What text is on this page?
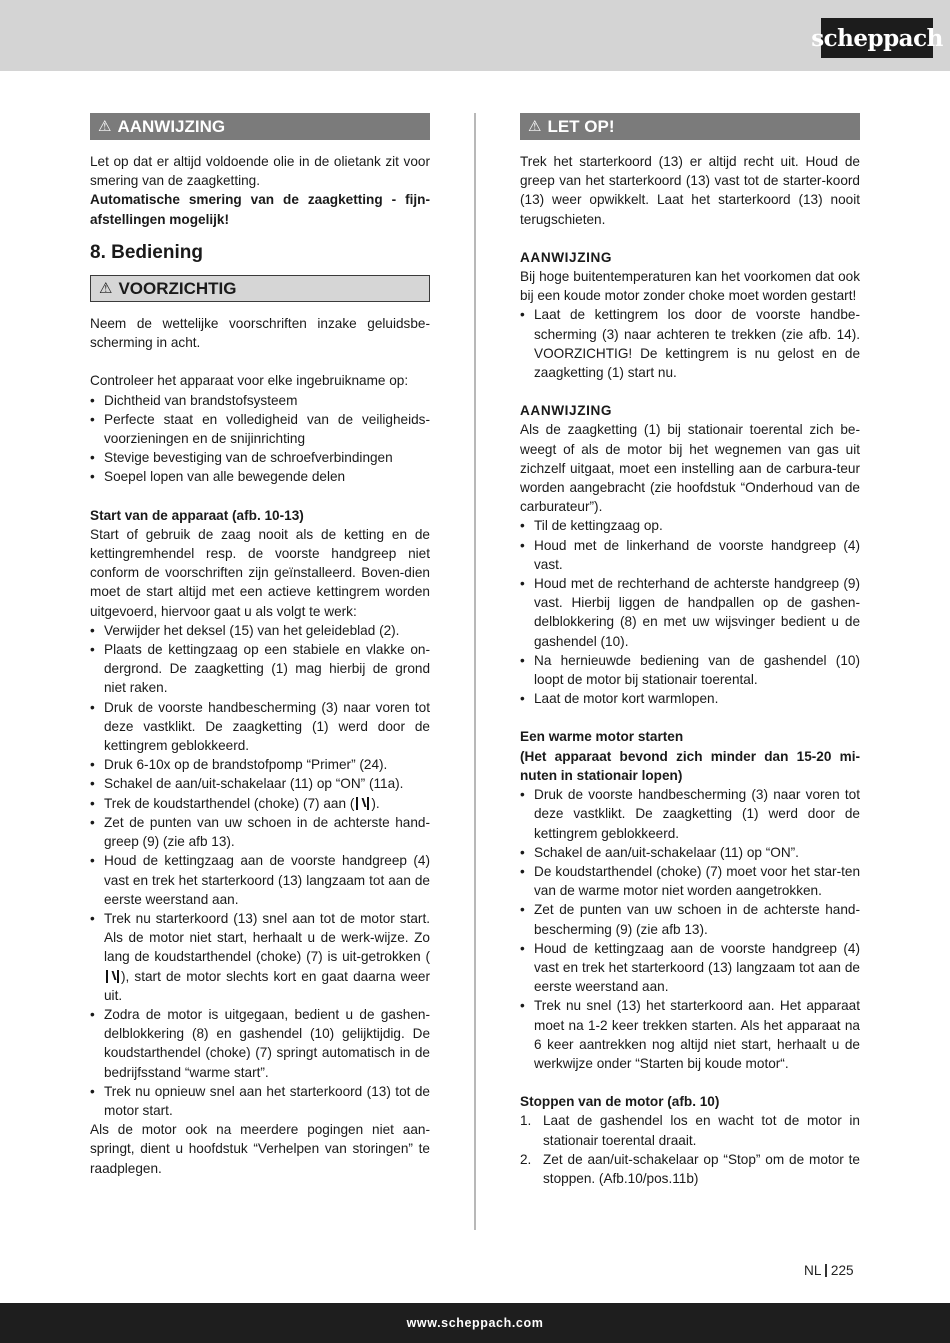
scheppach
⚠ AANWIJZING

Let op dat er altijd voldoende olie in de olietank zit voor smering van de zaagketting.

Automatische smering van de zaagketting - fijn-afstellingen mogelijk!

8. Bediening
⚠ VOORZICHTIG

Neem de wettelijke voorschriften inzake geluidsbe-scherming in acht.

Controleer het apparaat voor elke ingebruikname op:

• Dichtheid van brandstofsysteem
• Perfecte staat en volledigheid van de veiligheids-voorzieningen en de snijinrichting
• Stevige bevestiging van de schroefverbindingen
• Soepel lopen van alle bewegende delen

Start van de apparaat (afb. 10-13)

Start of gebruik de zaag nooit als de ketting en de kettingremhendel resp. de voorste handgreep niet conform de voorschriften zijn geïnstalleerd. Boven-dien moet de start altijd met een actieve kettingrem worden uitgevoerd, hiervoor gaat u als volgt te werk:

• Verwijder het deksel (15) van het geleideblad (2).
• Plaats de kettingzaag op een stabiele en vlakke on-dergrond. De zaagketting (1) mag hierbij de grond niet raken.
• Druk de voorste handbescherming (3) naar voren tot deze vastklikt. De zaagketting (1) werd door de kettingrem geblokkeerd.
• Druk 6-10x op de brandstofpomp “Primer” (24).
• Schakel de aan/uit-schakelaar (11) op “ON” (11a).
• Trek de koudstarthendel (choke) (7) aan ( ).
• Zet de punten van uw schoen in de achterste hand-greep (9) (zie afb 13).
• Houd de kettingzaag aan de voorste handgreep (4) vast en trek het starterkoord (13) langzaam tot aan de eerste weerstand aan.
• Trek nu starterkoord (13) snel aan tot de motor start. Als de motor niet start, herhaalt u de werk-wijze. Zo lang de koudstarthendel (choke) (7) is uit-getrokken (), start de motor slechts kort en gaat daarna weer uit.
• Zodra de motor is uitgegaan, bedient u de gashen-delblokkering (8) en gashendel (10) gelijktijdig. De koudstarthendel (choke) (7) springt automatisch in de bedrijfsstand “warme start”.
• Trek nu opnieuw snel aan het starterkoord (13) tot de motor start.

Als de motor ook na meerdere pogingen niet aan-springt, dient u hoofdstuk “Verhelpen van storingen” te raadplegen.

⚠ LET OP!

Trek het starterkoord (13) er altijd recht uit. Houd de greep van het starterkoord (13) vast tot de starter-koord (13) weer opwikkelt. Laat het starterkoord (13) nooit terugschieten.

AANWIJZING

Bij hoge buitentemperaturen kan het voorkomen dat ook bij een koude motor zonder choke moet worden gestart!

• Laat de kettingrem los door de voorste handbe-scherming (3) naar achteren te trekken (zie afb. 14). VOORZICHTIG! De kettingrem is nu gelost en de zaagketting (1) start nu.

AANWIJZING

Als de zaagketting (1) bij stationair toerental zich be-weegt of als de motor bij het wegnemen van gas uit zichzelf uitgaat, moet een instelling aan de carbura-teur worden aangebracht (zie hoofdstuk “Onderhoud van de carburateur”).

• Til de kettingzaag op.
• Houd met de linkerhand de voorste handgreep (4) vast.
• Houd met de rechterhand de achterste handgreep (9) vast. Hierbij liggen de handpallen op de gashen-delblokkering (8) en met uw wijsvinger bedient u de gashendel (10).
• Na hernieuwde bediening van de gashendel (10) loopt de motor bij stationair toerental.
• Laat de motor kort warmlopen.

Een warme motor starten

(Het apparaat bevond zich minder dan 15-20 mi-nuten in stationair lopen)

• Druk de voorste handbescherming (3) naar voren tot deze vastklikt. De zaagketting (1) werd door de kettingrem geblokkeerd.
• Schakel de aan/uit-schakelaar (11) op “ON”.
• De koudstarthendel (choke) (7) moet voor het star-ten van de warme motor niet worden aangetrokken.
• Zet de punten van uw schoen in de achterste hand-bescherming (9) (zie afb 13).
• Houd de kettingzaag aan de voorste handgreep (4) vast en trek het starterkoord (13) langzaam tot aan de eerste weerstand aan.
• Trek nu snel (13) het starterkoord aan. Het apparaat moet na 1-2 keer trekken starten. Als het apparaat na 6 keer aantrekken nog altijd niet start, herhaalt u de werkwijze onder “Starten bij koude motor“.

Stoppen van de motor (afb. 10)

1. Laat de gashendel los en wacht tot de motor in stationair toerental draait.
2. Zet de aan/uit-schakelaar op “Stop” om de motor te stoppen. (Afb.10/pos.11b)
NL 225
www.scheppach.com
